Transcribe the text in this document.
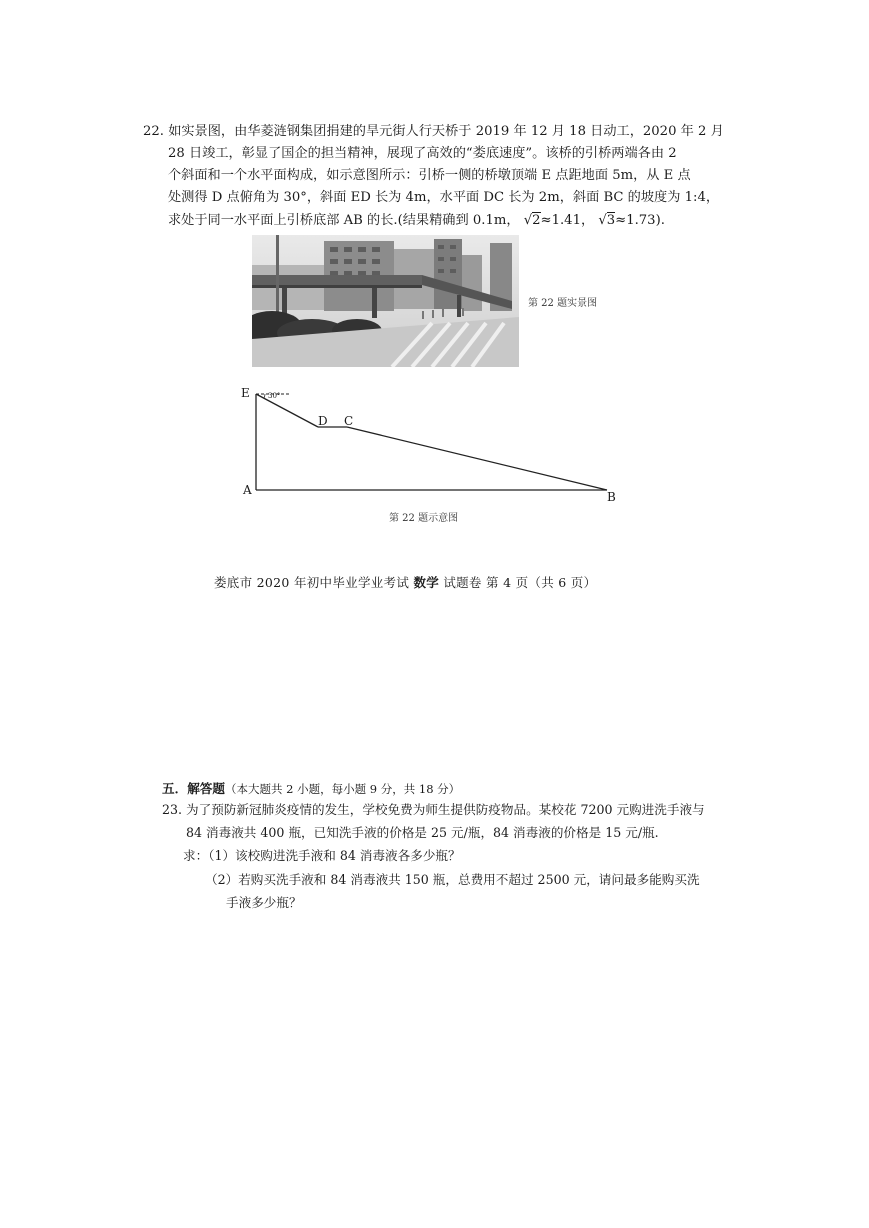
22. 如实景图，由华菱涟钢集团捐建的旱元街人行天桥于 2019 年 12 月 18 日动工，2020 年 2 月
28 日竣工，彰显了国企的担当精神，展现了高效的“娄底速度”。该桥的引桥两端各由 2
个斜面和一个水平面构成，如示意图所示：引桥一侧的桥墩顶端 E 点距地面 5m，从 E 点
处测得 D 点俯角为 30°，斜面 ED 长为 4m，水平面 DC 长为 2m，斜面 BC 的坡度为 1:4，
求处于同一水平面上引桥底部 AB 的长.(结果精确到 0.1m， √2≈1.41， √3≈1.73).
第 22 题实景图
E	30°
D C
A	B
第 22 题示意图
娄底市 2020 年初中毕业学业考试 数学 试题卷 第 4 页（共 6 页）
五．解答题（本大题共 2 小题，每小题 9 分，共 18 分）
23. 为了预防新冠肺炎疫情的发生，学校免费为师生提供防疫物品。某校花 7200 元购进洗手液与
84 消毒液共 400 瓶，已知洗手液的价格是 25 元/瓶，84 消毒液的价格是 15 元/瓶.
求：（1）该校购进洗手液和 84 消毒液各多少瓶？
（2）若购买洗手液和 84 消毒液共 150 瓶，总费用不超过 2500 元，请问最多能购买洗
手液多少瓶？
